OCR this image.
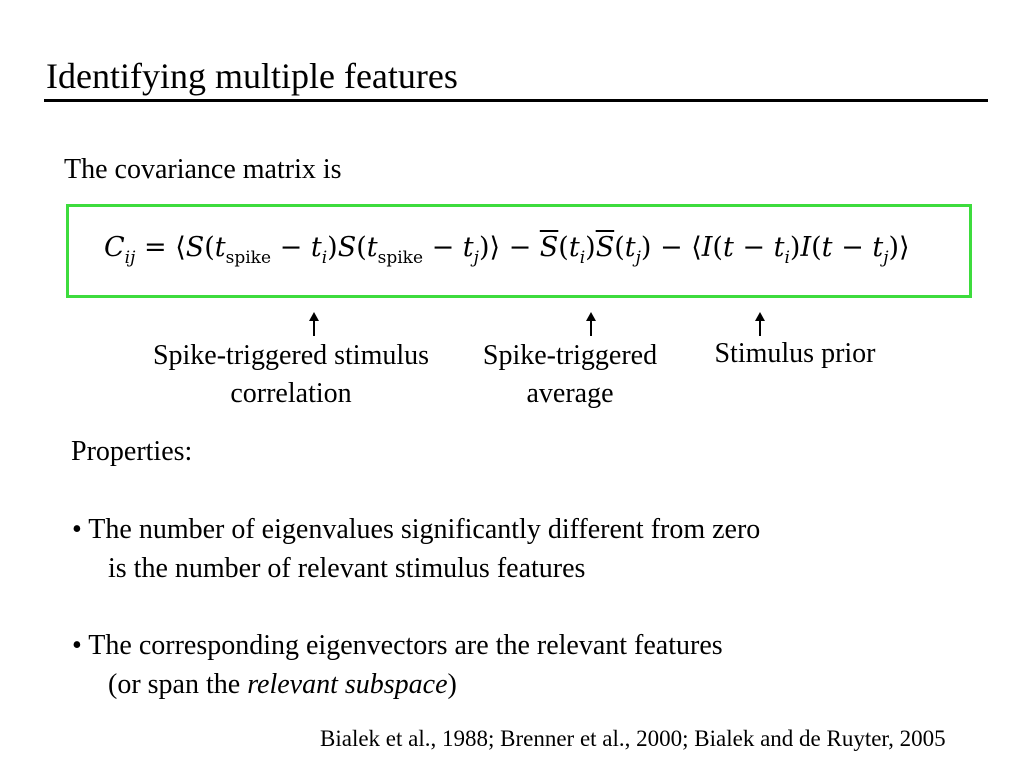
Identifying multiple features
The covariance matrix is
$C_{ij}$ = $⟨S(t_{spike} - t_i)S(t_{spike}$ − $t_j)⟩ - \overline{S}(t_i)\overline{S}(t_j)$ − ⟨I(t − $t_i)I(t$ − $t_j)⟩$
Spike-triggered stimulus
correlation
Spike-triggered
average
Stimulus prior
Properties:
• The number of eigenvalues significantly different from zero
is the number of relevant stimulus features
• The corresponding eigenvectors are the relevant features
(or span the relevant subspace)
Bialek et al., 1988; Brenner et al., 2000; Bialek and de Ruyter, 2005
